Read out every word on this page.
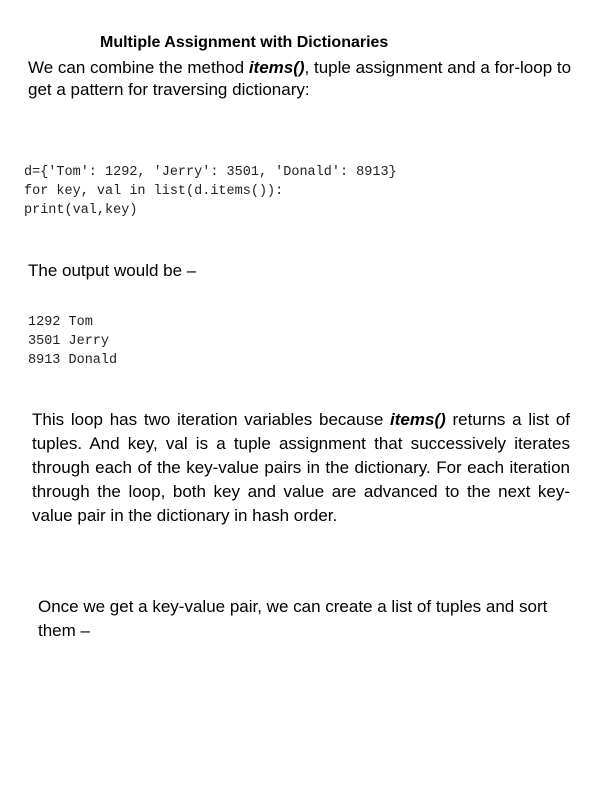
Multiple Assignment with Dictionaries
We can combine the method items(), tuple assignment and a for-loop to get a pattern for traversing dictionary:
d={'Tom': 1292, 'Jerry': 3501, 'Donald': 8913}
for key, val in list(d.items()):
print(val,key)
The output would be –
1292 Tom
3501 Jerry
8913 Donald
This loop has two iteration variables because items() returns a list of tuples. And key, val is a tuple assignment that successively iterates through each of the key-value pairs in the dictionary. For each iteration through the loop, both key and value are advanced to the next key-value pair in the dictionary in hash order.
Once we get a key-value pair, we can create a list of tuples and sort them –
